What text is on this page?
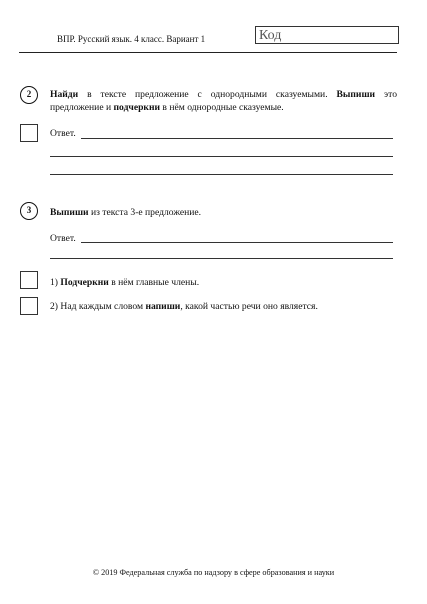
ВПР. Русский язык. 4 класс. Вариант 1	Код
2	Найди в тексте предложение с однородными сказуемыми. Выпиши это
предложение и подчеркни в нём однородные сказуемые.
Ответ.
3	Выпиши из текста 3-е предложение.
Ответ.
1) Подчеркни в нём главные члены.
2) Над каждым словом напиши, какой частью речи оно является.
© 2019 Федеральная служба по надзору в сфере образования и науки
